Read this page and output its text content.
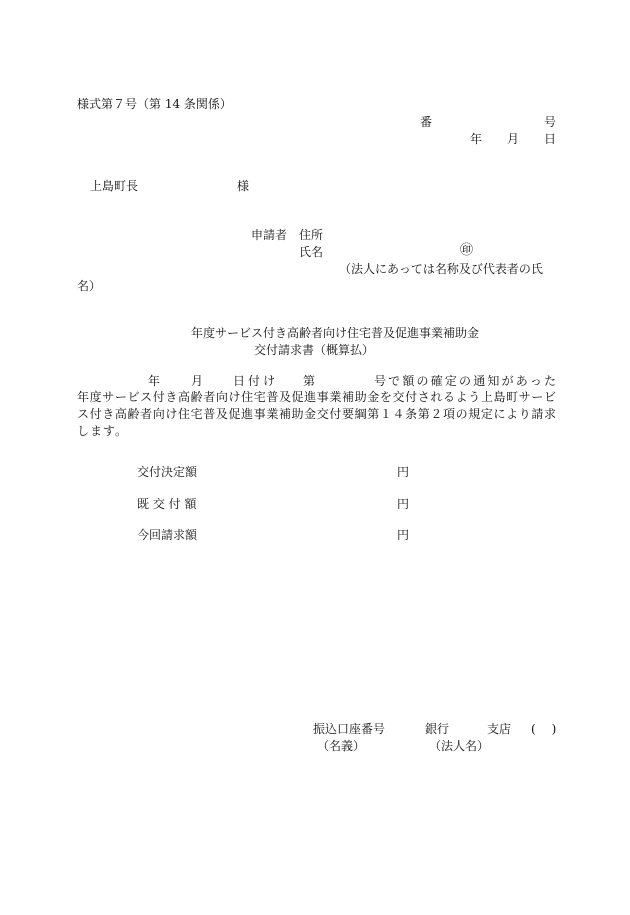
様式第７号（第 14 条関係）
番	号
年 月 日
上島町長	様
申請者 住所
氏名	㊞
（法人にあっては名称及び代表者の氏
名）
年度サービス付き高齢者向け住宅普及促進事業補助金
交付請求書（概算払）
年	月 日付け 第	号で額の確定の通知があった
年度サービス付き高齢者向け住宅普及促進事業補助金を交付されるよう上島町サービ
ス付き高齢者向け住宅普及促進事業補助金交付要綱第１４条第２項の規定により請求
します。
交付決定額	円
既 交 付 額	円
今回請求額	円
振込口座番号	銀行	支店 (　)
（名義）	（法人名）
